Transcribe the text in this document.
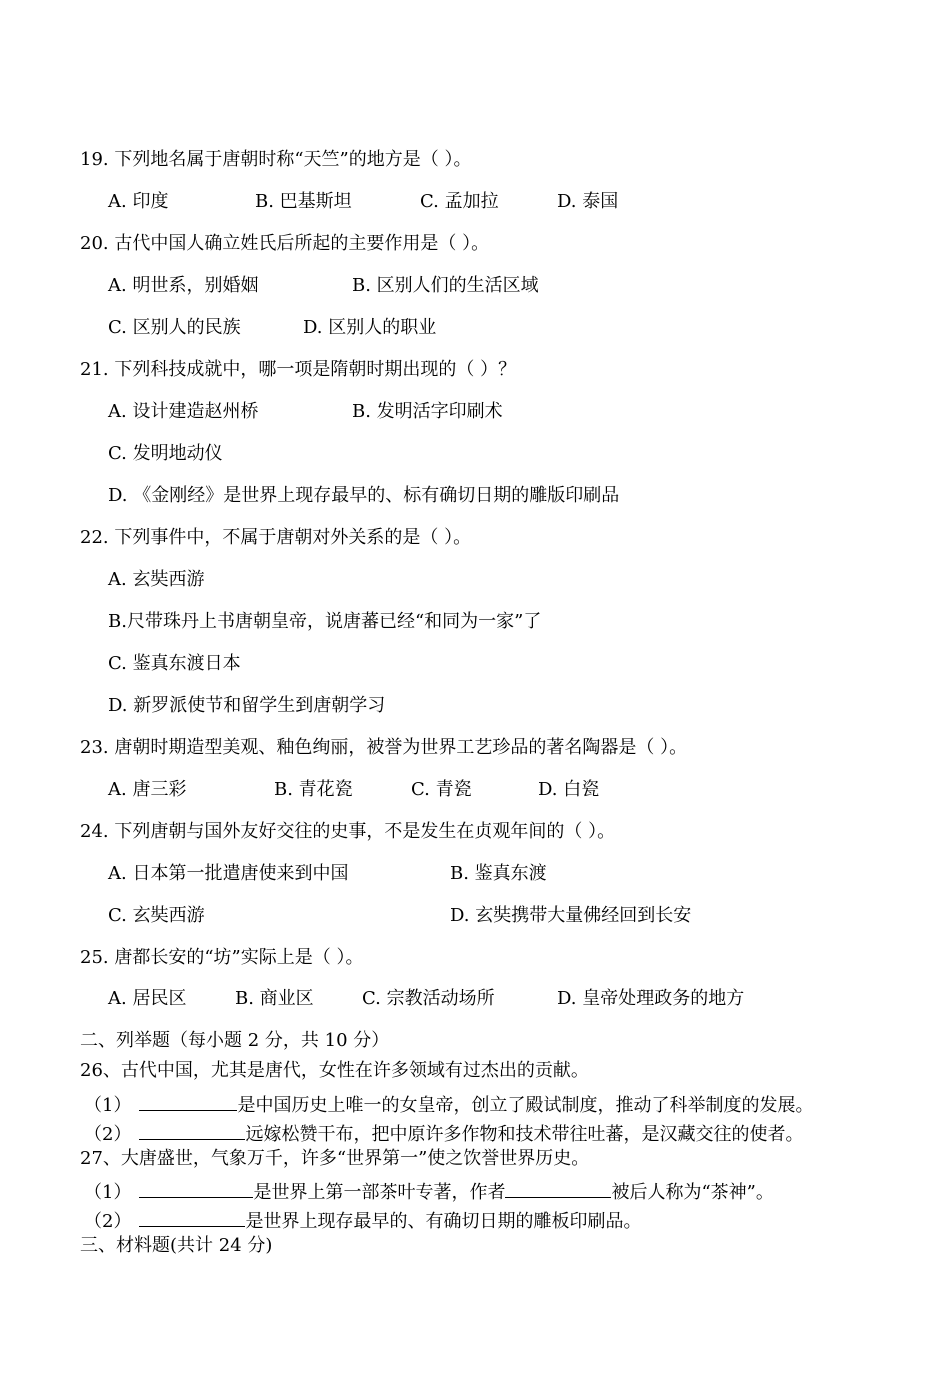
19. 下列地名属于唐朝时称“天竺”的地方是（ ）。
A. 印度	B. 巴基斯坦	C. 孟加拉	D. 泰国
20. 古代中国人确立姓氏后所起的主要作用是（ ）。
A. 明世系，别婚姻	B. 区别人们的生活区域
C. 区别人的民族	D. 区别人的职业
21. 下列科技成就中，哪一项是隋朝时期出现的（ ）？
A. 设计建造赵州桥	B. 发明活字印刷术
C. 发明地动仪
D. 《金刚经》是世界上现存最早的、标有确切日期的雕版印刷品
22. 下列事件中，不属于唐朝对外关系的是（ ）。
A. 玄奘西游
B.尺带珠丹上书唐朝皇帝，说唐蕃已经“和同为一家”了
C. 鉴真东渡日本
D. 新罗派使节和留学生到唐朝学习
23. 唐朝时期造型美观、釉色绚丽，被誉为世界工艺珍品的著名陶器是（ ）。
A. 唐三彩	B. 青花瓷	C. 青瓷	D. 白瓷
24. 下列唐朝与国外友好交往的史事，不是发生在贞观年间的（ ）。
A. 日本第一批遣唐使来到中国	B. 鉴真东渡
C. 玄奘西游	D. 玄奘携带大量佛经回到长安
25. 唐都长安的“坊”实际上是（ ）。
A. 居民区	B. 商业区	C. 宗教活动场所	D. 皇帝处理政务的地方
二、列举题（每小题 2 分，共 10 分）
26、古代中国，尤其是唐代，女性在许多领域有过杰出的贡献。
（1）	是中国历史上唯一的女皇帝，创立了殿试制度，推动了科举制度的发展。
（2）	远嫁松赞干布，把中原许多作物和技术带往吐蕃，是汉藏交往的使者。
27、大唐盛世，气象万千，许多“世界第一”使之饮誉世界历史。
（1）	是世界上第一部茶叶专著，作者	被后人称为“茶神”。
（2）	是世界上现存最早的、有确切日期的雕板印刷品。
三、材料题(共计 24 分)
